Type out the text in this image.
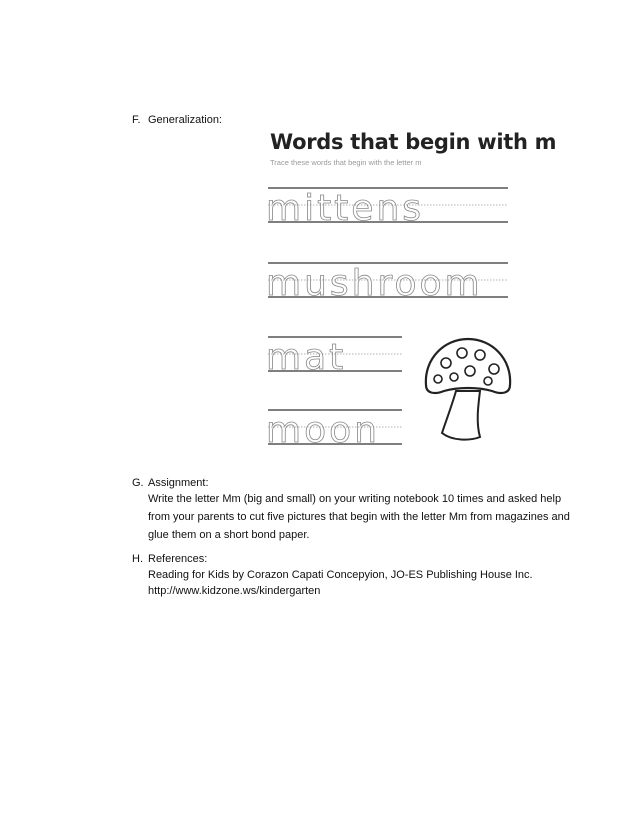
F. Generalization:
Words that begin with m
Trace these words that begin with the letter m
mittens
mushroom
mat
moon
G. Assignment:
Write the letter Mm (big and small) on your writing notebook 10 times and asked help
from your parents to cut five pictures that begin with the letter Mm from magazines and
glue them on a short bond paper.
H. References:
Reading for Kids by Corazon Capati Concepyion, JO-ES Publishing House Inc.
http://www.kidzone.ws/kindergarten
